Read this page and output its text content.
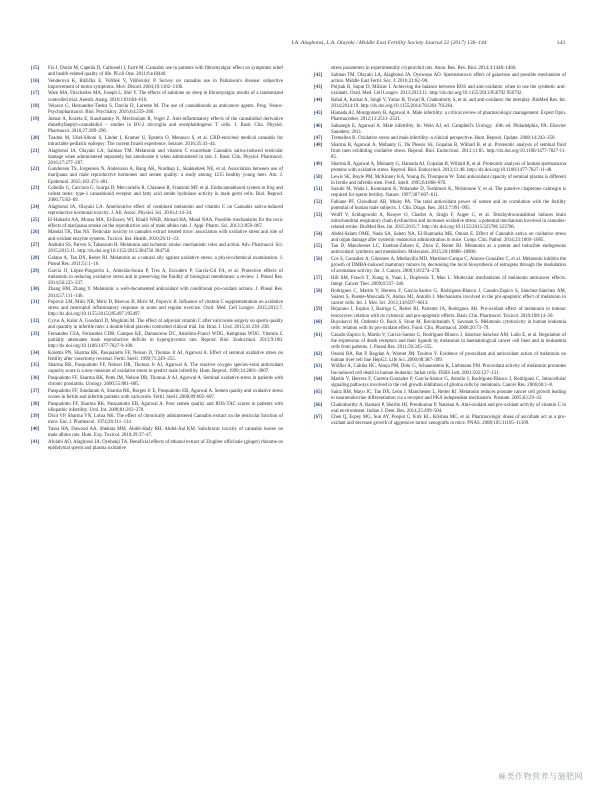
I.A. Alagbonsi, L.A. Olayaki / Middle East Fertility Society Journal 22 (2017) 136–144	143
[15]	Fiz J, Durán M, Capellà D, Carbonell J, Farré M. Cannabis use in patients with fibromyalgia: effect on symptoms relief and health-related quality of life. PLoS One. 2011;6:e18440.
[16]	Venderová K, Růžička E, Voříšek V, Višňovský P. Survey on cannabis use in Parkinson's disease: subjective improvement of motor symptoms. Mov. Disord. 2004;19:1102–1106.
[17]	Ware MA, Fitzcharles MA, Joseph L, Shir Y. The effects of nabilone on sleep in fibromyalgia: results of a randomized controlled trial. Anesth. Analg. 2010;110:604–610.
[18]	Velasco G, Hernandez-Tiedra S, Davila D, Lorente M. The use of cannabinoids as anticancer agents. Prog. Neuro-Psychopharmacol. Biol. Psychiatry. 2016;64:259–266.
[19]	Juknat A, Kozela E, Kaushansky N, Mechoulam R, Vogel Z. Anti-inflammatory effects of the cannabidiol derivative dimethylheptyl-cannabidiol – studies in BV-2 microglia and encephalitogenic T cells. J. Basic Clin. Physiol. Pharmacol. 2016;27:289–296.
[20]	Tzadok M, Uliel-Siboni S, Linder I, Kramer U, Epstein O, Menascu S, et al. CBD-enriched medical cannabis for intractable pediatric epilepsy: The current Israeli experience. Seizure. 2016;35:41–44.
[21]	Alagbonsi IA, Olayaki LA, Salman TM. Melatonin and vitamin C exacerbate Cannabis sativa-induced testicular damage when administered separately but ameliorate it when administered in rats. J. Basic Clin. Physiol. Pharmacol. 2016;27:277–287.
[22]	Gundersen TS, Jorgensen N, Andersson A, Bang AK, Nordkap L, Skakkebæk NE, et al. Association between use of marijuana and male reproductive hormones and semen quality: a study among 1215 healthy young men. Am. J. Epidemiol. 2015;182:473–481.
[23]	Cobellis G, Cacciola G, Scarpa D, Meccariello R, Chianese R, Franzoni MF, et al. Endocannabinoid system in frog and rodent testis: type-1 cannabinoid receptor and fatty acid amide hydrolase activity in male germ cells. Biol. Reprod. 2006;75:82–89.
[24]	Alagbonsi IA, Olayaki LA. Ameliorative effect of combined melatonin and vitamin C on Cannabis sativa-induced reproductive hormonal toxicity. J. Afr. Assoc. Physiol. Sci. 2016;4:14–24.
[25]	El-Habashi AA, Mousa MA, El-Esawy WI, Khalil WKB, Ahmad HA, Mead NAA. Possible mechanisms for the toxic effects of marijuana smoke on the reproductive axis of male albino rats. J. Appl. Pharm. Sci. 2013;3:059–067.
[26]	Mandal TK, Das NS. Testicular toxicity in cannabis extract treated mice: association with oxidative stress and role of anti-oxidant enzyme systems. Toxicol. Ind. Health. 2010;26:11–23.
[27]	Andrabi SS, Parvez S, Tabassum H. Melatonin and ischemic stroke: mechanistic roles and action. Adv. Pharmacol. Sci. 2015;2015:11. http://dx.doi.org/10.1155/2015/384750 384750.
[28]	Galano A, Tan DX, Reiter RJ. Melatonin as a natural ally against oxidative stress: a physicochemical examination. J. Pineal Res. 2011;51:1–16.
[29]	García JJ, López-Pingarrón L, Almeida-Souza P, Tres A, Escudero P, García-Gil FA, et al. Protective effects of melatonin in reducing oxidative stress and in preserving the fluidity of biological membranes: a review. J. Pineal Res. 2014;56:225–237.
[30]	Zhang HM, Zhang Y. Melatonin: a well-documented antioxidant with conditional pro-oxidant actions. J. Pineal Res. 2014;57:131–146.
[31]	Popovic LM, Mitic NR, Miric D, Bisevac B, Miric M, Popovic B. Influence of vitamin C supplementation on oxidative stress and neutrophil inflammatory response in acute and regular exercise. Oxid. Med. Cell Longev. 2015;2015:7. http://dx.doi.org/10.1155/2015/295497 295497.
[32]	Cyrus A, Kabir A, Goodarzi D, Moghimi M. The effect of adjuvant vitamin C after varicocele surgery on sperm quality and quantity in infertile men: a double blind placebo controlled clinical trial. Int. Braz. J. Urol. 2015;41:230–238.
[33]	Fernandes CSA, Fernandez CDB, Campos KE, Damasceno DC, Anselmo-Franci WDG, Kempinas WDG. Vitamin C partially attenuates male reproductive deficits in hyperglycemic rats. Reprod. Biol. Endocrinol. 2011;9:100. http://dx.doi.org/10.1186/1477-7827-9-100.
[34]	Kolettis PN, Sharma RK, Pasqualotto FF, Nelson D, Thomas Jr AJ, Agarwal A. Effect of seminal oxidative stress on fertility after vasectomy reversal. Fertil. Steril. 1999;71:249–255.
[35]	Sharma RK, Pasqualotto FF, Nelson DR, Thomas Jr AJ, Agarwal A. The reactive oxygen species–total antioxidant capacity score is a new measure of oxidative stress to predict male infertility. Hum. Reprod. 1999;14:2801–2807.
[36]	Pasqualotto FF, Sharma RK, Potts JM, Nelson DR, Thomas Jr AJ, Agarwal A. Seminal oxidative stress in patients with chronic prostatitis. Urology. 2000;55:881–885.
[37]	Pasqualotto FF, Sundaram A, Sharma RK, Borges Jr E, Pasqualotto EB, Agarwal A. Semen quality and oxidative stress scores in fertile and infertile patients with varicocele. Fertil. Steril. 2008;89:602–607.
[38]	Pasqualotto FF, Sharma RK, Pasqualotto EB, Agarwal A. Poor semen quality and ROS-TAC scores in patients with idiopathic infertility. Urol. Int. 2008;81:263–270.
[39]	Dixit VP, Sharma VN, Lohia NK. The effect of chronically administered Cannabis extract on the testicular function of mice. Eur. J. Pharmacol. 1974;26:111–114.
[40]	Yassa HA, Dawood AA, Shehata MM, Abdel-Hady RH, Abdel-Aal KM. Subchronic toxicity of cannabis leaves on male albino rats. Hum. Exp. Toxicol. 2010;29:37–47.
[41]	Afolabi AO, Alagbonsi IA, Oyebanji TA. Beneficial effects of ethanol extract of Zingiber officinale (ginger) rhizome on epididymal sperm and plasma oxidative
stress parameters in experimentally cryptorchid rats. Annu. Res. Rev. Biol. 2014;4:1448–1460.
[42]	Salman TM, Olayaki LA, Alagbonsi IA, Oyewopo AO. Spermatotoxic effect of galactose and possible mechanism of action. Middle East Fertil. Soc. J. 2016;21:82–90.
[43]	Poljsak B, Suput D, Milisav I. Achieving the balance between ROS and anti-oxidants: when to use the synthetic anti-oxidants. Oxid. Med. Cell Longev. 2013;2013:11. http://dx.doi.org/10.1155/2013/956792 956792.
[44]	Rahal A, Kumar A, Singh V, Yadav B, Tiwari R, Chakraborty S, et al. and anti-oxidants: the interplay. BioMed Res. Int. 2014;2014:19. http://dx.doi.org/10.1155/2014/761264 761264.
[45]	Hamada AJ, Montgomery B, Agarwal A. Male infertility: a critical review of pharmacologic management. Expert Opin. Pharmacother. 2012;13:2511–2531.
[46]	Sabanegh E, Agarwal A. Male infertility. In: Wein AJ, ed. Campbell's Urology. 10th ed. Philadelphia, PA: Elsevier Saunders; 2011.
[47]	Tremellen K. Oxidative stress and male infertility–a clinical perspective. Hum. Reprod. Update. 2008;14:243–258.
[48]	Sharma R, Agarwal A, Mohanty G, Du Plessis SS, Gopalan B, Willard B, et al. Proteomic analysis of seminal fluid from men exhibiting oxidative stress. Reprod. Biol. Endocrinol. 2013;11:85. http://dx.doi.org/10.1186/1477-7827-11-85.
[49]	Sharma R, Agarwal A, Mohanty G, Hamada AJ, Gopalan B, Willard B, et al. Proteomic analysis of human spermatozoa proteins with oxidative stress. Reprod. Biol. Endocrinol. 2013;11:48. http://dx.doi.org/10.1186/1477-7827-11-48.
[50]	Lewis SE, Boyle PM, McKinney KA, Young IS, Thompson W. Total antioxidant capacity of seminal plasma is different in fertile and infertile men. Fertil. Steril. 1995;64:868–870.
[51]	Suzuki M, Wada I, Kominami K, Watanabe D, Toshimori K, Nishimune Y, et al. The putative chaperone calmegin is required for sperm fertility. Nature. 1997;387:607–611.
[52]	Fabiane PF, Choudhari AR, Muley PA. The total antioxidant power of semen and its correlation with the fertility potential of human male subjects. J. Clin. Diagn. Res. 2013;7:991–995.
[53]	Wolff V, Schlagowski A, Rouyer O, Charles A, Singh F, Auger C, et al. Tetrahydrocannabinol induces brain mitochondrial respiratory chain dysfunction and increases oxidative stress: a potential mechanism involved in cannabis-related stroke. BioMed Res. Int. 2015;2015:7. http://dx.doi.org/10.1155/2015/323706 323706.
[54]	Abdel-Salam OME, Nada SA, Salem NA, El-Shamarka ME, Omara E. Effect of Cannabis sativa on oxidative stress and organ damage after systemic endotoxin administration in mice. Comp. Clin. Pathol. 2014;23:1069–1085.
[55]	Tan D, Manchester LC, Esteban-Zubero E, Zhou Z, Reiter RJ. Melatonin as a potent and inducible endogenous antioxidant: synthesis and metabolism. Molecules. 2015;20:18886–18906.
[56]	Cos S, González A, Güezmes A, Mediavilla MD, Martínez-Campa C, Alonso-González C, et al. Melatonin inhibits the growth of DMBA-induced mammary tumors by decreasing the local biosynthesis of estrogens through the modulation of aromatase activity. Int. J. Cancer. 2006;118:274–278.
[57]	Hill SM, Frasch T, Xiang S, Yuan L, Duplessis T, Mao L. Molecular mechanisms of melatonin anticancer effects. Integr. Cancer Ther. 2009;8:337–346.
[58]	Rodríguez C, Martín V, Herrera F, García-Santos G, Rodríguez-Blanco J, Casado-Zapico S, Sánchez-Sánchez AM, Suárez S, Puente-Moncada N, Anítua MJ, Antolín I. Mechanisms involved in the pro-apoptotic effect of melatonin in cancer cells. Int. J. Mol. Sci. 2013;14:6597–6613.
[59]	Bejarano I, Espino J, Barriga C, Reiter RJ, Pariente JA, Rodríguez AB. Pro-oxidant effect of melatonin in tumour leucocytes: relation with its cytotoxic and pro-apoptotic effects. Basic Clin. Pharmacol. Toxicol. 2010;108:14–20.
[60]	Buyukavci M, Ozdemir O, Buck S, Stout M, Ravindranath Y, Savasan S. Melatonin cytotoxicity in human leukemia cells: relation with its pro-oxidant effect. Fund. Clin. Pharmacol. 2006;20:73–79.
[61]	Casado-Zapico S, Martín V, García-Santos G, Rodríguez-Blanco J, Sánchez-Sánchez AM, Luño E, et al. Regulation of the expression of death receptors and their ligands by melatonin in haematological cancer cell lines and in leukaemia cells from patients. J. Pineal Res. 2011;50:345–355.
[62]	Osseni RA, Rat P, Bogdan A, Warnet JM, Touitou Y. Evidence of prooxidant and antioxidant action of melatonin on human liver cell line HepG2. Life Sci. 2000;68:387–399.
[63]	Wölfler A, Caluba HC, Abuja PM, Dohr G, Schauenstein K, Liebmann PM. Prooxidant activity of melatonin promotes fas-induced cell death in human leukemic Jurkat cells. FEBS Lett. 2001;502:127–131.
[64]	Martín V, Herrera F, Carrera-Gonzalez P, García-Santos G, Antolín I, Rodríguez-Blanco J, Rodríguez C. Intracellular signaling pathways involved in the cell growth inhibition of glioma cells by melatonin. Cancer Res. 2006;66:1–8.
[65]	Sainz RM, Mayo JC, Tan DX, León J, Manchester L, Reiter RJ. Melatonin reduces prostate cancer cell growth leading to neuroendocrine differentiation via a receptor and PKA independent mechanism. Prostate. 2005;63:29–43.
[66]	Chakraborthy A, Ramani P, Sherlin HJ, Premkumar P, Natesan A. Anti-oxidant and pro-oxidant activity of vitamin C in oral environment. Indian J. Dent. Res. 2014;25:499–504.
[67]	Chen Q, Espey MG, Sun AY, Pooput C, Kirk KL, Krishna MC, et al. Pharmacologic doses of ascorbate act as a pro-oxidant and decrease growth of aggressive tumor xenografts in mice. PNAS. 2008;105:11105–11109.
麻类作物营养与施肥网
